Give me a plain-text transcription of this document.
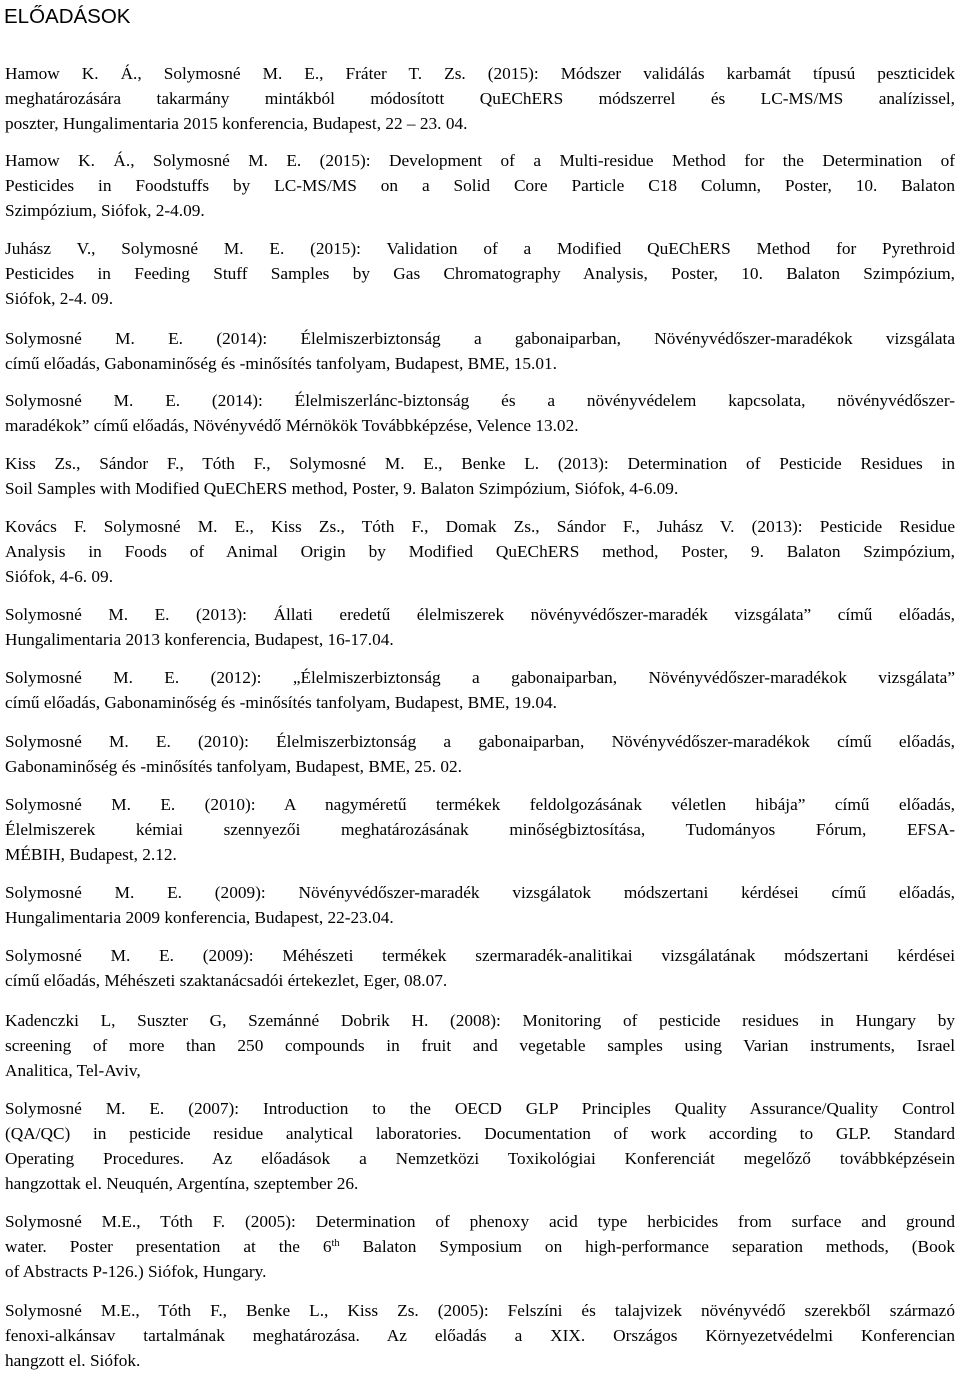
ELŐADÁSOK

Hamow K. Á., Solymosné M. E., Fráter T. Zs. (2015): Módszer validálás karbamát típusú peszticidek
meghatározására takarmány mintákból módosított QuEChERS módszerrel és LC-MS/MS analízissel,
poszter, Hungalimentaria 2015 konferencia, Budapest, 22 – 23. 04.

Hamow K. Á., Solymosné M. E. (2015): Development of a Multi-residue Method for the Determination of
Pesticides in Foodstuffs by LC-MS/MS on a Solid Core Particle C18 Column, Poster, 10. Balaton
Szimpózium, Siófok, 2-4.09.

Juhász V., Solymosné M. E. (2015): Validation of a Modified QuEChERS Method for Pyrethroid
Pesticides in Feeding Stuff Samples by Gas Chromatography Analysis, Poster, 10. Balaton Szimpózium,
Siófok, 2-4. 09.

Solymosné M. E. (2014): Élelmiszerbiztonság a gabonaiparban, Növényvédőszer-maradékok vizsgálata
című előadás, Gabonaminőség és -minősítés tanfolyam, Budapest, BME, 15.01.

Solymosné M. E. (2014): Élelmiszerlánc-biztonság és a növényvédelem kapcsolata, növényvédőszer-
maradékok” című előadás, Növényvédő Mérnökök Továbbképzése, Velence 13.02.

Kiss Zs., Sándor F., Tóth F., Solymosné M. E., Benke L. (2013): Determination of Pesticide Residues in
Soil Samples with Modified QuEChERS method, Poster, 9. Balaton Szimpózium, Siófok, 4-6.09.

Kovács F. Solymosné M. E., Kiss Zs., Tóth F., Domak Zs., Sándor F., Juhász V. (2013): Pesticide Residue
Analysis in Foods of Animal Origin by Modified QuEChERS method, Poster, 9. Balaton Szimpózium,
Siófok, 4-6. 09.

Solymosné M. E. (2013): Állati eredetű élelmiszerek növényvédőszer-maradék vizsgálata” című előadás,
Hungalimentaria 2013 konferencia, Budapest, 16-17.04.

Solymosné M. E. (2012): „Élelmiszerbiztonság a gabonaiparban, Növényvédőszer-maradékok vizsgálata”
című előadás, Gabonaminőség és -minősítés tanfolyam, Budapest, BME, 19.04.

Solymosné M. E. (2010): Élelmiszerbiztonság a gabonaiparban, Növényvédőszer-maradékok című előadás,
Gabonaminőség és -minősítés tanfolyam, Budapest, BME, 25. 02.

Solymosné M. E. (2010): A nagyméretű termékek feldolgozásának véletlen hibája” című előadás,
Élelmiszerek kémiai szennyezői meghatározásának minőségbiztosítása, Tudományos Fórum, EFSA-
MÉBIH, Budapest, 2.12.

Solymosné M. E. (2009): Növényvédőszer-maradék vizsgálatok módszertani kérdései című előadás,
Hungalimentaria 2009 konferencia, Budapest, 22-23.04.

Solymosné M. E. (2009): Méhészeti termékek szermaradék-analitikai vizsgálatának módszertani kérdései
című előadás, Méhészeti szaktanácsadói értekezlet, Eger, 08.07.

Kadenczki L, Suszter G, Szemánné Dobrik H. (2008): Monitoring of pesticide residues in Hungary by
screening of more than 250 compounds in fruit and vegetable samples using Varian instruments, Israel
Analitica, Tel-Aviv,

Solymosné M. E. (2007): Introduction to the OECD GLP Principles Quality Assurance/Quality Control
(QA/QC) in pesticide residue analytical laboratories. Documentation of work according to GLP. Standard
Operating Procedures. Az előadások a Nemzetközi Toxikológiai Konferenciát megelőző továbbképzésein
hangzottak el. Neuquén, Argentína, szeptember 26.

Solymosné M.E., Tóth F. (2005): Determination of phenoxy acid type herbicides from surface and ground
water. Poster presentation at the 6th Balaton Symposium on high-performance separation methods, (Book
of Abstracts P-126.) Siófok, Hungary.

Solymosné M.E., Tóth F., Benke L., Kiss Zs. (2005): Felszíni és talajvizek növényvédő szerekből származó
fenoxi-alkánsav tartalmának meghatározása. Az előadás a XIX. Országos Környezetvédelmi Konferencian
hangzott el. Siófok.
